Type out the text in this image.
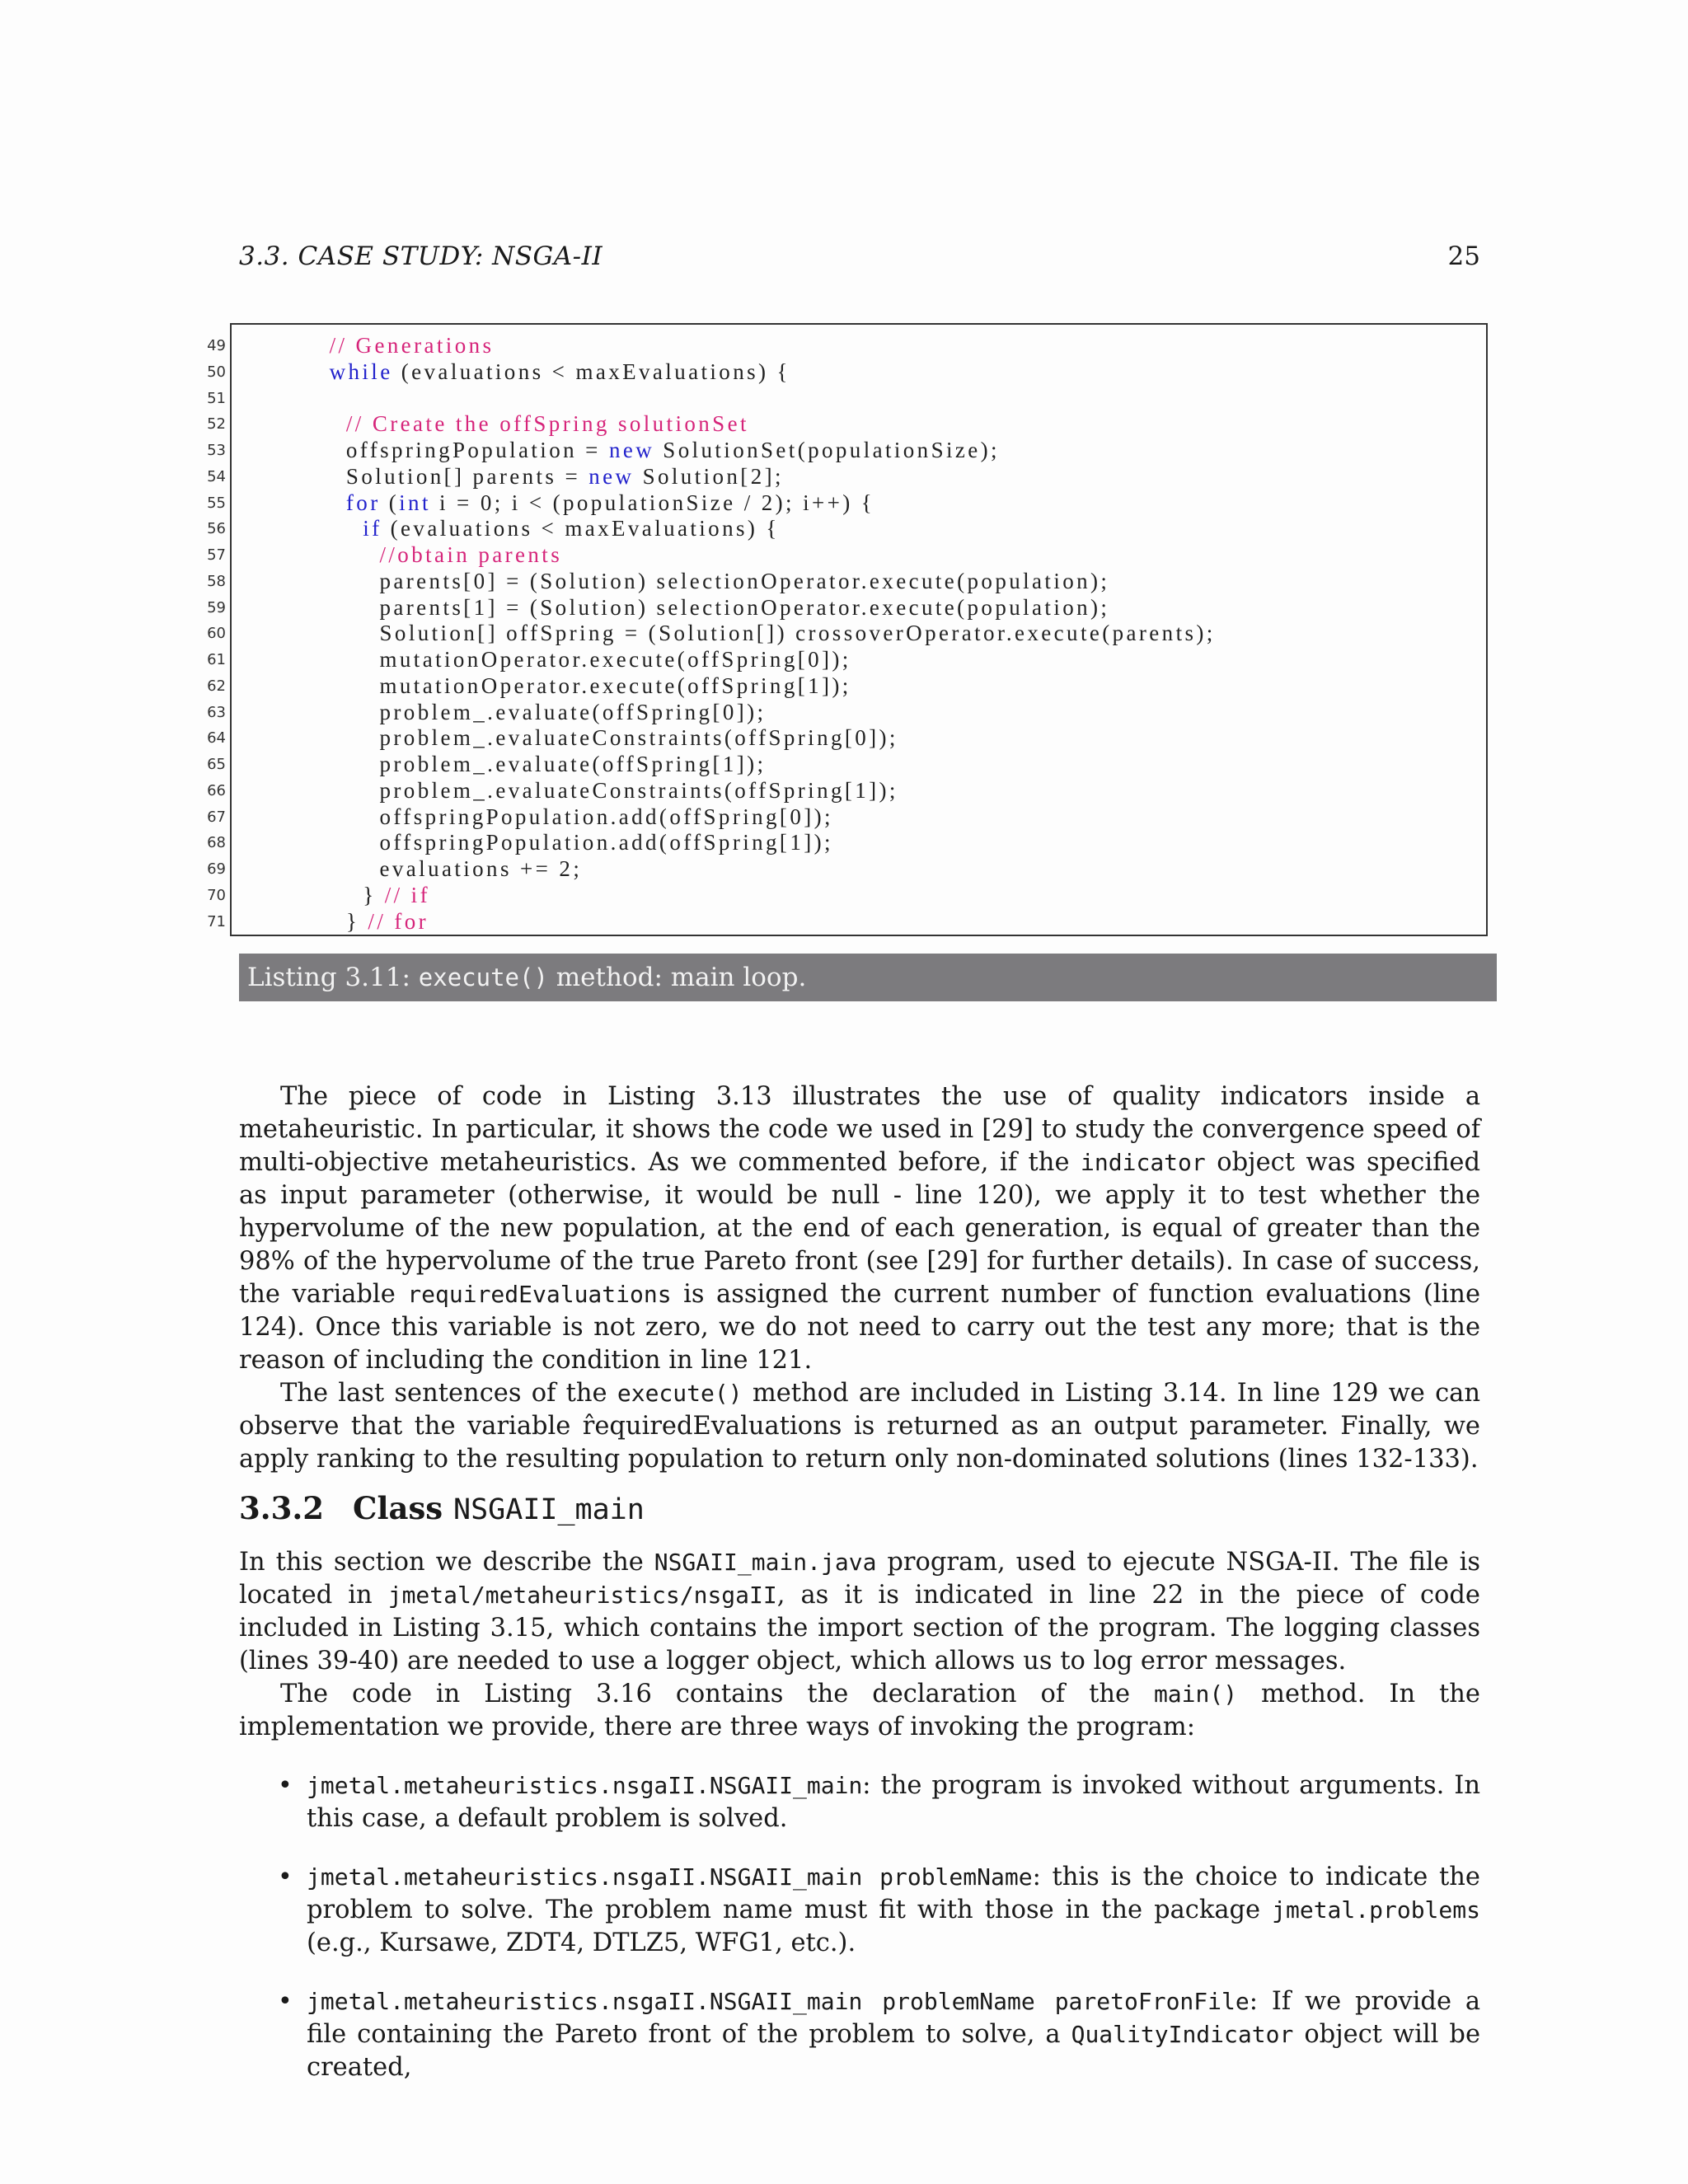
3.3. CASE STUDY: NSGA-II	25
49
50
51
52
53
54
55
56
57
58
59
60
61
62
63
64
65
66
67
68
69
70
71
// Generations
while (evaluations < maxEvaluations) {
// Create the offSpring solutionSet
offspringPopulation = new SolutionSet(populationSize);
Solution[] parents = new Solution[2];
for (int i = 0; i < (populationSize / 2); i++) {
if (evaluations < maxEvaluations) {
//obtain parents
parents[0] = (Solution) selectionOperator.execute(population);
parents[1] = (Solution) selectionOperator.execute(population);
Solution[] offSpring = (Solution[]) crossoverOperator.execute(parents);
mutationOperator.execute(offSpring[0]);
mutationOperator.execute(offSpring[1]);
problem_.evaluate(offSpring[0]);
problem_.evaluateConstraints(offSpring[0]);
problem_.evaluate(offSpring[1]);
problem_.evaluateConstraints(offSpring[1]);
offspringPopulation.add(offSpring[0]);
offspringPopulation.add(offSpring[1]);
evaluations += 2;
} // if
} // for
Listing 3.11: execute() method: main loop.

The piece of code in Listing 3.13 illustrates the use of quality indicators inside a metaheuristic. In particular, it shows the code we used in [29] to study the convergence speed of multi-objective metaheuristics. As we commented before, if the indicator object was specified as input parameter (otherwise, it would be null - line 120), we apply it to test whether the hypervolume of the new population, at the end of each generation, is equal of greater than the 98% of the hypervolume of the true Pareto front (see [29] for further details). In case of success, the variable requiredEvaluations is assigned the current number of function evaluations (line 124). Once this variable is not zero, we do not need to carry out the test any more; that is the reason of including the condition in line 121.

The last sentences of the execute() method are included in Listing 3.14. In line 129 we can observe that the variable r̂equiredEvaluations is returned as an output parameter. Finally, we apply ranking to the resulting population to return only non-dominated solutions (lines 132-133).

3.3.2 Class NSGAII_main

In this section we describe the NSGAII_main.java program, used to ejecute NSGA-II. The file is located in jmetal/metaheuristics/nsgaII, as it is indicated in line 22 in the piece of code included in Listing 3.15, which contains the import section of the program. The logging classes (lines 39-40) are needed to use a logger object, which allows us to log error messages.

The code in Listing 3.16 contains the declaration of the main() method. In the implementation we provide, there are three ways of invoking the program:

• jmetal.metaheuristics.nsgaII.NSGAII_main: the program is invoked without arguments. In this case, a default problem is solved.
• jmetal.metaheuristics.nsgaII.NSGAII_main problemName: this is the choice to indicate the problem to solve. The problem name must fit with those in the package jmetal.problems (e.g., Kursawe, ZDT4, DTLZ5, WFG1, etc.).
• jmetal.metaheuristics.nsgaII.NSGAII_main problemName paretoFronFile: If we provide a file containing the Pareto front of the problem to solve, a QualityIndicator object will be created,
